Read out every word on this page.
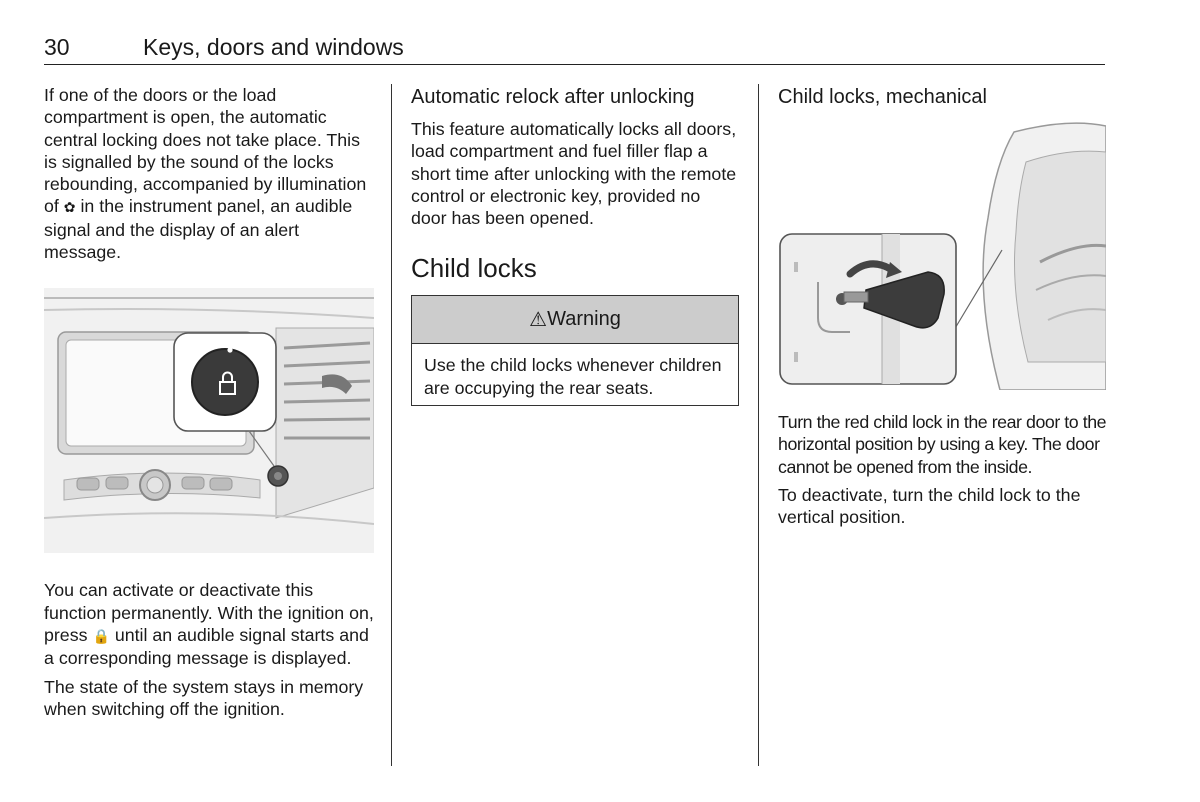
30	Keys, doors and windows

If one of the doors or the load compartment is open, the automatic central locking does not take place. This is signalled by the sound of the locks rebounding, accompanied by illumination of ✿ in the instrument panel, an audible signal and the display of an alert message.

You can activate or deactivate this function permanently. With the ignition on, press 🔒 until an audible signal starts and a corresponding message is displayed.

The state of the system stays in memory when switching off the ignition.

Automatic relock after unlocking

This feature automatically locks all doors, load compartment and fuel filler flap a short time after unlocking with the remote control or electronic key, provided no door has been opened.

Child locks
⚠ Warning

Use the child locks whenever children are occupying the rear seats.

Child locks, mechanical

Turn the red child lock in the rear door to the horizontal position by using a key. The door cannot be opened from the inside.

To deactivate, turn the child lock to the vertical position.
